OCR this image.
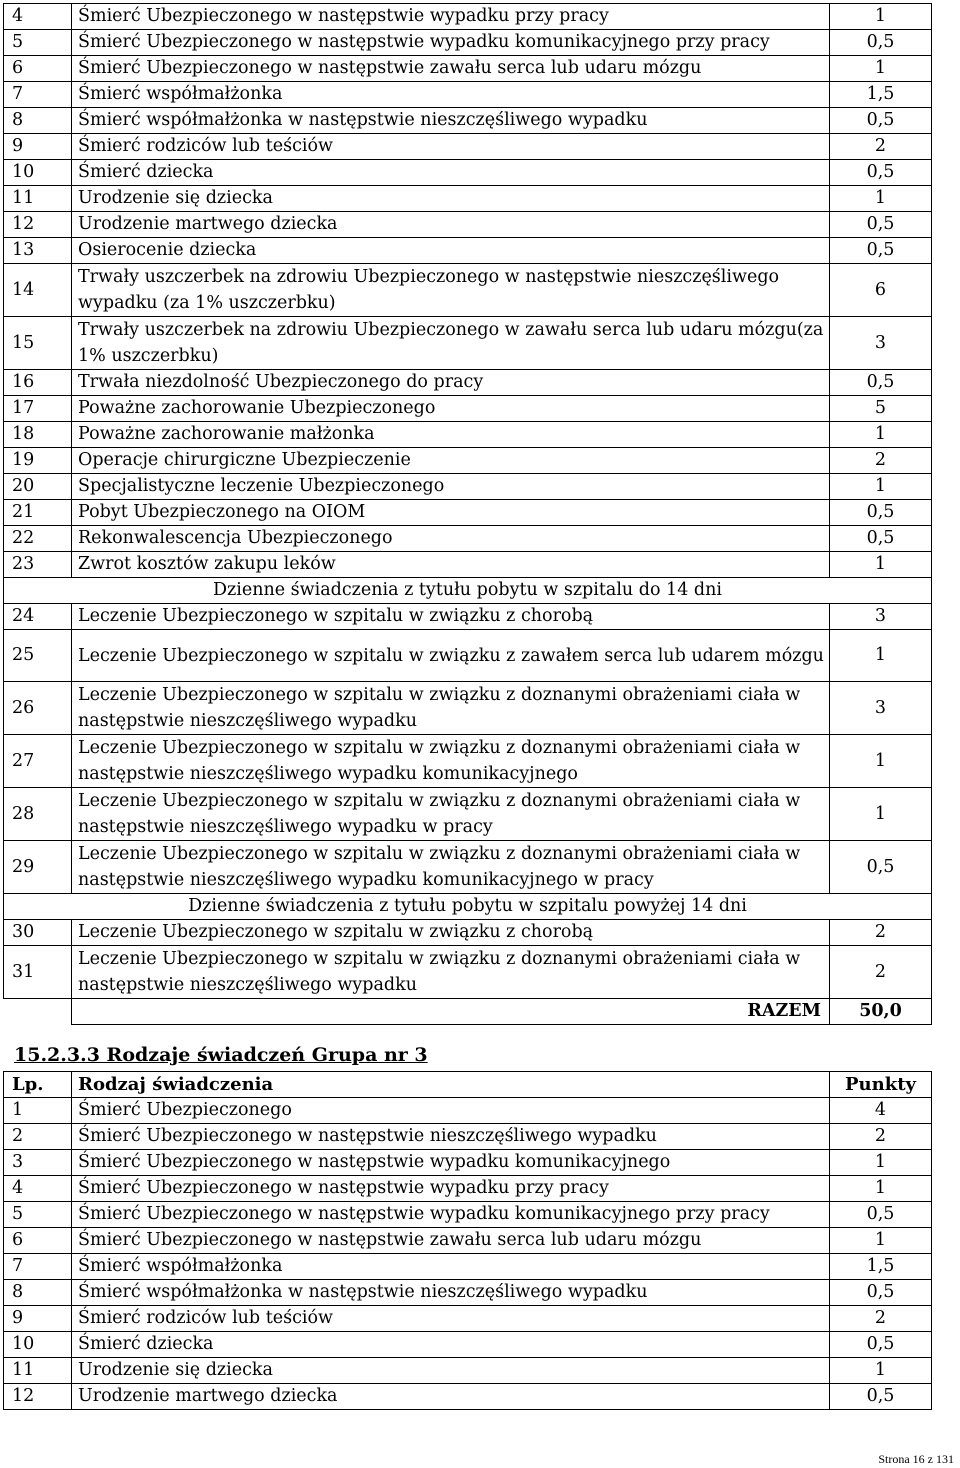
4	Śmierć Ubezpieczonego w następstwie wypadku przy pracy	1
5	Śmierć Ubezpieczonego w następstwie wypadku komunikacyjnego przy pracy	0,5
6	Śmierć Ubezpieczonego w następstwie zawału serca lub udaru mózgu	1
7	Śmierć współmałżonka	1,5
8	Śmierć współmałżonka w następstwie nieszczęśliwego wypadku	0,5
9	Śmierć rodziców lub teściów	2
10	Śmierć dziecka	0,5
11	Urodzenie się dziecka	1
12	Urodzenie martwego dziecka	0,5
13	Osierocenie dziecka	0,5
14	Trwały uszczerbek na zdrowiu Ubezpieczonego w następstwie nieszczęśliwego wypadku (za 1% uszczerbku)	6
15	Trwały uszczerbek na zdrowiu Ubezpieczonego w zawału serca lub udaru mózgu(za 1% uszczerbku)	3
16	Trwała niezdolność Ubezpieczonego do pracy	0,5
17	Poważne zachorowanie Ubezpieczonego	5
18	Poważne zachorowanie małżonka	1
19	Operacje chirurgiczne Ubezpieczenie	2
20	Specjalistyczne leczenie Ubezpieczonego	1
21	Pobyt Ubezpieczonego na OIOM	0,5
22	Rekonwalescencja Ubezpieczonego	0,5
23	Zwrot kosztów zakupu leków	1
Dzienne świadczenia z tytułu pobytu w szpitalu do 14 dni		
24	Leczenie Ubezpieczonego w szpitalu w związku z chorobą	3
25	Leczenie Ubezpieczonego w szpitalu w związku z zawałem serca lub udarem mózgu	1
26	Leczenie Ubezpieczonego w szpitalu w związku z doznanymi obrażeniami ciała w następstwie nieszczęśliwego wypadku	3
27	Leczenie Ubezpieczonego w szpitalu w związku z doznanymi obrażeniami ciała w następstwie nieszczęśliwego wypadku komunikacyjnego	1
28	Leczenie Ubezpieczonego w szpitalu w związku z doznanymi obrażeniami ciała w następstwie nieszczęśliwego wypadku w pracy	1
29	Leczenie Ubezpieczonego w szpitalu w związku z doznanymi obrażeniami ciała w następstwie nieszczęśliwego wypadku komunikacyjnego w pracy	0,5
Dzienne świadczenia z tytułu pobytu w szpitalu powyżej 14 dni		
30	Leczenie Ubezpieczonego w szpitalu w związku z chorobą	2
31	Leczenie Ubezpieczonego w szpitalu w związku z doznanymi obrażeniami ciała w następstwie nieszczęśliwego wypadku	2
	RAZEM	50,0
15.2.3.3 Rodzaje świadczeń Grupa nr 3
Lp.	Rodzaj świadczenia	Punkty
1	Śmierć Ubezpieczonego	4
2	Śmierć Ubezpieczonego w następstwie nieszczęśliwego wypadku	2
3	Śmierć Ubezpieczonego w następstwie wypadku komunikacyjnego	1
4	Śmierć Ubezpieczonego w następstwie wypadku przy pracy	1
5	Śmierć Ubezpieczonego w następstwie wypadku komunikacyjnego przy pracy	0,5
6	Śmierć Ubezpieczonego w następstwie zawału serca lub udaru mózgu	1
7	Śmierć współmałżonka	1,5
8	Śmierć współmałżonka w następstwie nieszczęśliwego wypadku	0,5
9	Śmierć rodziców lub teściów	2
10	Śmierć dziecka	0,5
11	Urodzenie się dziecka	1
12	Urodzenie martwego dziecka	0,5
Strona 16 z 131
